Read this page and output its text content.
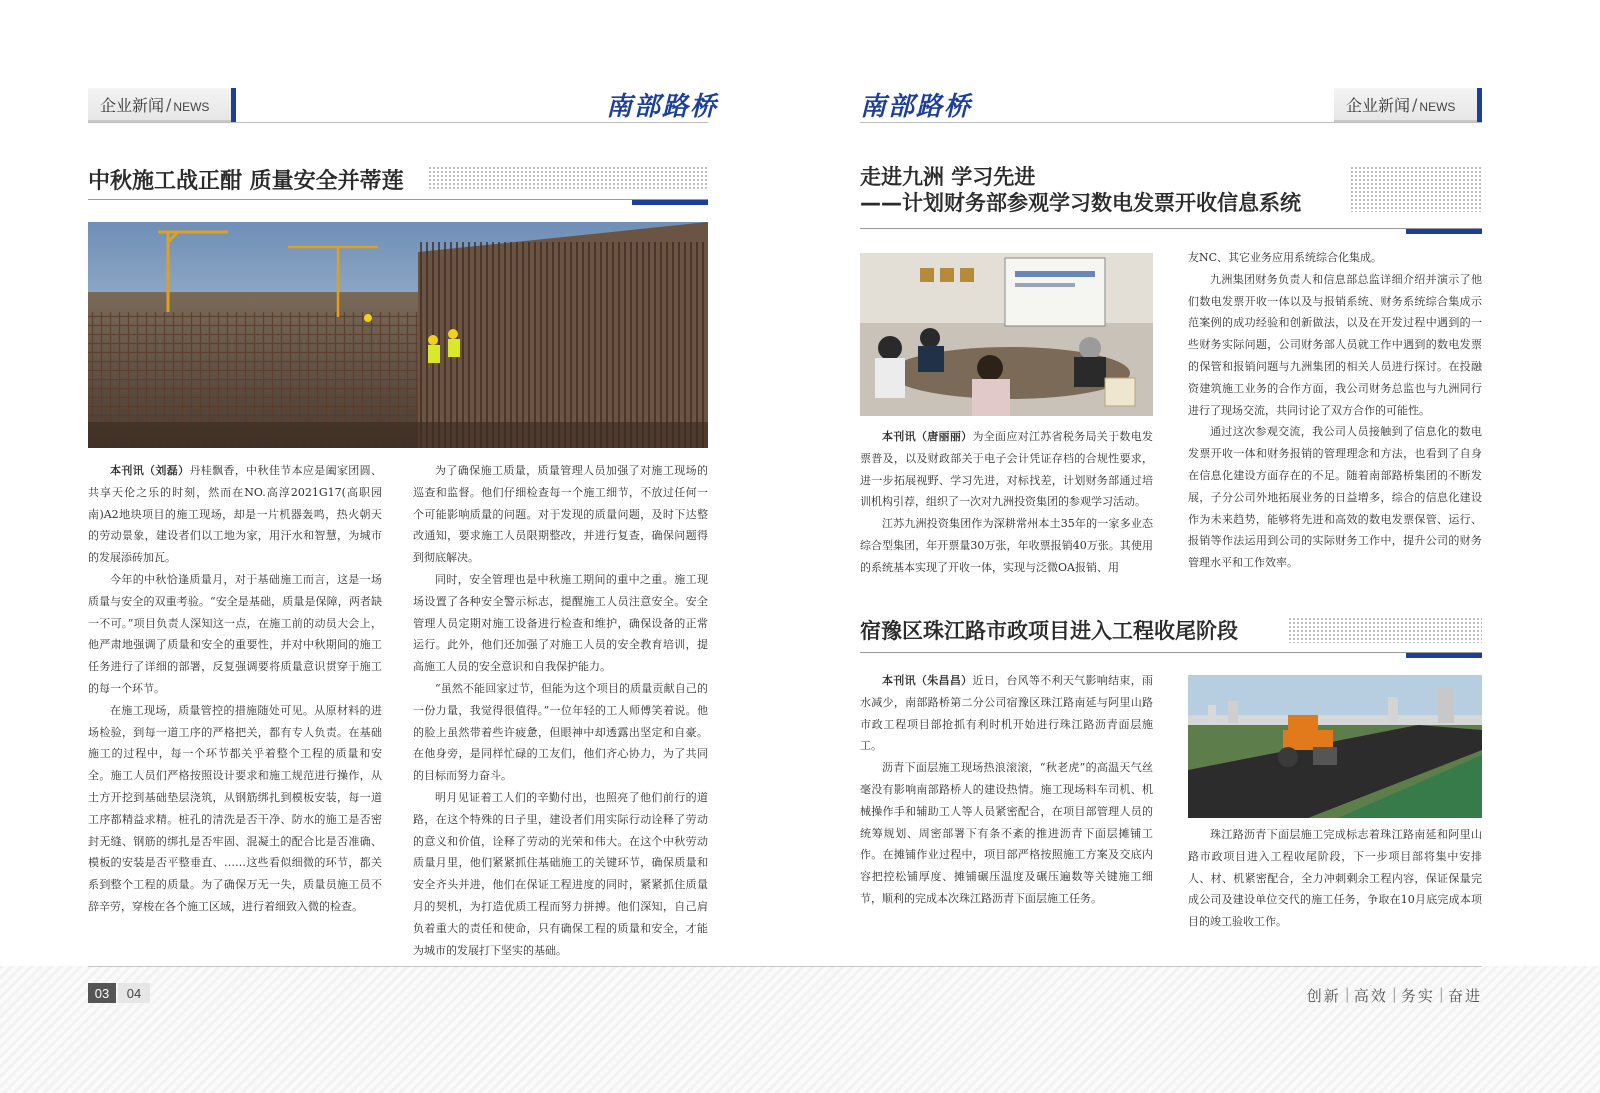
企业新闻 / NEWS	南部路桥	南部路桥	企业新闻 / NEWS
中秋施工战正酣 质量安全并蒂莲

本刊讯（刘磊）丹桂飘香，中秋佳节本应是阖家团圆、共享天伦之乐的时刻，然而在NO.高淳2021G17(高职园南)A2地块项目的施工现场，却是一片机器轰鸣，热火朝天的劳动景象，建设者们以工地为家，用汗水和智慧，为城市的发展添砖加瓦。

今年的中秋恰逢质量月，对于基础施工而言，这是一场质量与安全的双重考验。“安全是基础，质量是保障，两者缺一不可。”项目负责人深知这一点，在施工前的动员大会上，他严肃地强调了质量和安全的重要性，并对中秋期间的施工任务进行了详细的部署，反复强调要将质量意识贯穿于施工的每一个环节。

在施工现场，质量管控的措施随处可见。从原材料的进场检验，到每一道工序的严格把关，都有专人负责。在基础施工的过程中，每一个环节都关乎着整个工程的质量和安全。施工人员们严格按照设计要求和施工规范进行操作，从土方开挖到基础垫层浇筑，从钢筋绑扎到模板安装，每一道工序都精益求精。桩孔的清洗是否干净、防水的施工是否密封无缝、钢筋的绑扎是否牢固、混凝土的配合比是否准确、模板的安装是否平整垂直、……这些看似细微的环节，都关系到整个工程的质量。为了确保万无一失，质量员施工员不辞辛劳，穿梭在各个施工区域，进行着细致入微的检查。

为了确保施工质量，质量管理人员加强了对施工现场的巡查和监督。他们仔细检查每一个施工细节，不放过任何一个可能影响质量的问题。对于发现的质量问题，及时下达整改通知，要求施工人员限期整改，并进行复查，确保问题得到彻底解决。

同时，安全管理也是中秋施工期间的重中之重。施工现场设置了各种安全警示标志，提醒施工人员注意安全。安全管理人员定期对施工设备进行检查和维护，确保设备的正常运行。此外，他们还加强了对施工人员的安全教育培训，提高施工人员的安全意识和自我保护能力。

“虽然不能回家过节，但能为这个项目的质量贡献自己的一份力量，我觉得很值得。”一位年轻的工人师傅笑着说。他的脸上虽然带着些许疲惫，但眼神中却透露出坚定和自豪。在他身旁，是同样忙碌的工友们，他们齐心协力，为了共同的目标而努力奋斗。

明月见证着工人们的辛勤付出，也照亮了他们前行的道路，在这个特殊的日子里，建设者们用实际行动诠释了劳动的意义和价值，诠释了劳动的光荣和伟大。在这个中秋劳动质量月里，他们紧紧抓住基础施工的关键环节，确保质量和安全齐头并进，他们在保证工程进度的同时，紧紧抓住质量月的契机，为打造优质工程而努力拼搏。他们深知，自己肩负着重大的责任和使命，只有确保工程的质量和安全，才能为城市的发展打下坚实的基础。

走进九洲 学习先进
——计划财务部参观学习数电发票开收信息系统

本刊讯（唐丽丽）为全面应对江苏省税务局关于数电发票普及，以及财政部关于电子会计凭证存档的合规性要求，进一步拓展视野、学习先进，对标找差，计划财务部通过培训机构引荐，组织了一次对九洲投资集团的参观学习活动。

江苏九洲投资集团作为深耕常州本土35年的一家多业态综合型集团，年开票量30万张，年收票报销40万张。其使用的系统基本实现了开收一体，实现与泛微OA报销、用

友NC、其它业务应用系统综合化集成。

九洲集团财务负责人和信息部总监详细介绍并演示了他们数电发票开收一体以及与报销系统、财务系统综合集成示范案例的成功经验和创新做法，以及在开发过程中遇到的一些财务实际问题，公司财务部人员就工作中遇到的数电发票的保管和报销问题与九洲集团的相关人员进行探讨。在投融资建筑施工业务的合作方面，我公司财务总监也与九洲同行进行了现场交流，共同讨论了双方合作的可能性。

通过这次参观交流，我公司人员接触到了信息化的数电发票开收一体和财务报销的管理理念和方法，也看到了自身在信息化建设方面存在的不足。随着南部路桥集团的不断发展，子分公司外地拓展业务的日益增多，综合的信息化建设作为未来趋势，能够将先进和高效的数电发票保管、运行、报销等作法运用到公司的实际财务工作中，提升公司的财务管理水平和工作效率。

宿豫区珠江路市政项目进入工程收尾阶段

本刊讯（朱昌昌）近日，台风等不利天气影响结束，雨水减少，南部路桥第二分公司宿豫区珠江路南延与阿里山路市政工程项目部抢抓有利时机开始进行珠江路沥青面层施工。

沥青下面层施工现场热浪滚滚，“秋老虎”的高温天气丝毫没有影响南部路桥人的建设热情。施工现场料车司机、机械操作手和辅助工人等人员紧密配合，在项目部管理人员的统筹规划、周密部署下有条不紊的推进沥青下面层摊铺工作。在摊铺作业过程中，项目部严格按照施工方案及交底内容把控松铺厚度、摊铺碾压温度及碾压遍数等关键施工细节，顺利的完成本次珠江路沥青下面层施工任务。

珠江路沥青下面层施工完成标志着珠江路南延和阿里山路市政项目进入工程收尾阶段，下一步项目部将集中安排人、材、机紧密配合，全力冲刺剩余工程内容，保证保量完成公司及建设单位交代的施工任务，争取在10月底完成本项目的竣工验收工作。

03	04	创新 | 高效 | 务实 | 奋进
